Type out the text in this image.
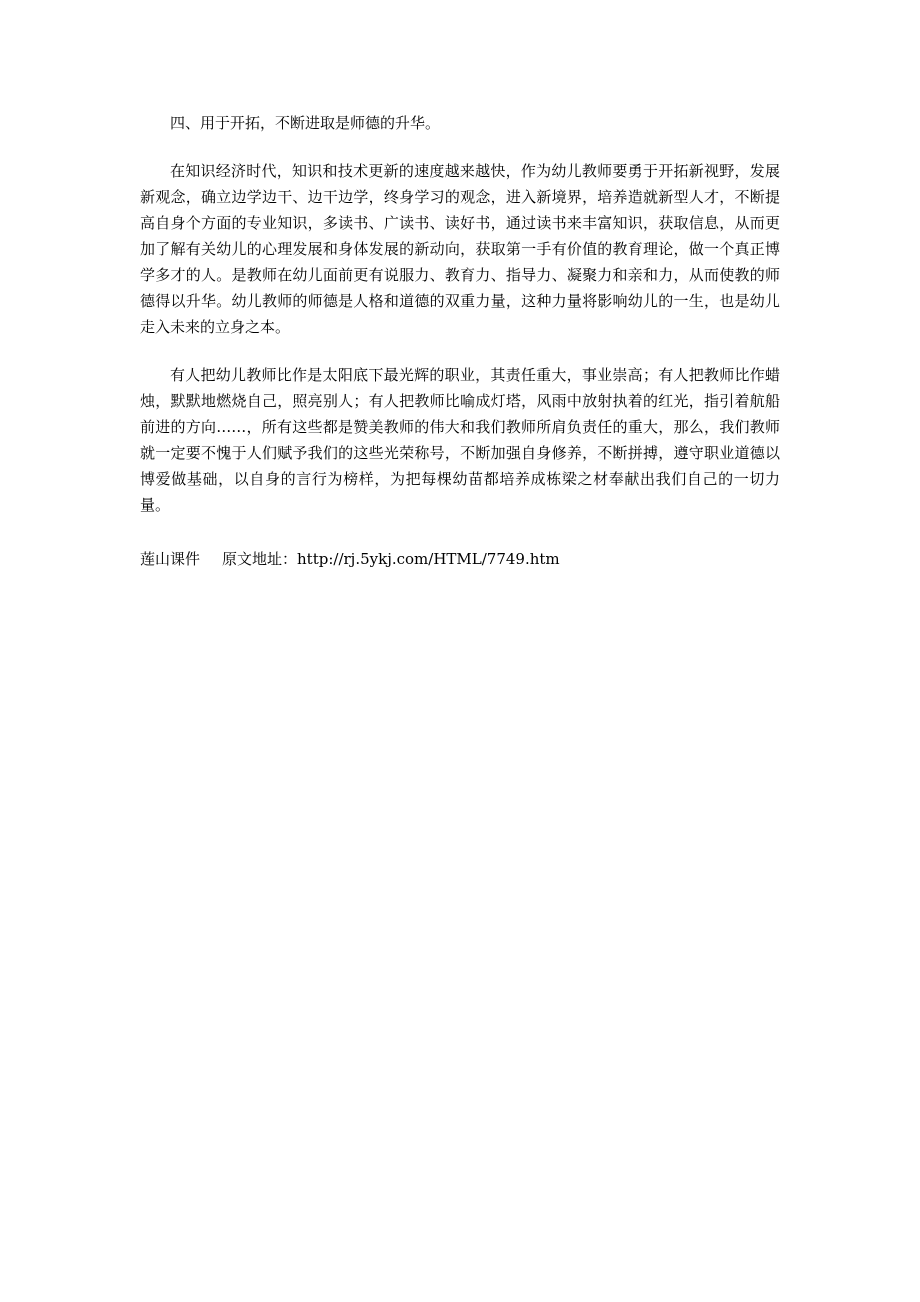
四、用于开拓，不断进取是师德的升华。

在知识经济时代，知识和技术更新的速度越来越快，作为幼儿教师要勇于开拓新视野，发展新观念，确立边学边干、边干边学，终身学习的观念，进入新境界，培养造就新型人才，不断提高自身个方面的专业知识，多读书、广读书、读好书，通过读书来丰富知识，获取信息，从而更加了解有关幼儿的心理发展和身体发展的新动向，获取第一手有价值的教育理论，做一个真正博学多才的人。是教师在幼儿面前更有说服力、教育力、指导力、凝聚力和亲和力，从而使教的师德得以升华。幼儿教师的师德是人格和道德的双重力量，这种力量将影响幼儿的一生，也是幼儿走入未来的立身之本。

有人把幼儿教师比作是太阳底下最光辉的职业，其责任重大，事业崇高；有人把教师比作蜡烛，默默地燃烧自己，照亮别人；有人把教师比喻成灯塔，风雨中放射执着的红光，指引着航船前进的方向……，所有这些都是赞美教师的伟大和我们教师所肩负责任的重大，那么，我们教师就一定要不愧于人们赋予我们的这些光荣称号，不断加强自身修养，不断拼搏，遵守职业道德以博爱做基础，以自身的言行为榜样，为把每棵幼苗都培养成栋梁之材奉献出我们自己的一切力量。

莲山课件 原文地址：http://rj.5ykj.com/HTML/7749.htm
